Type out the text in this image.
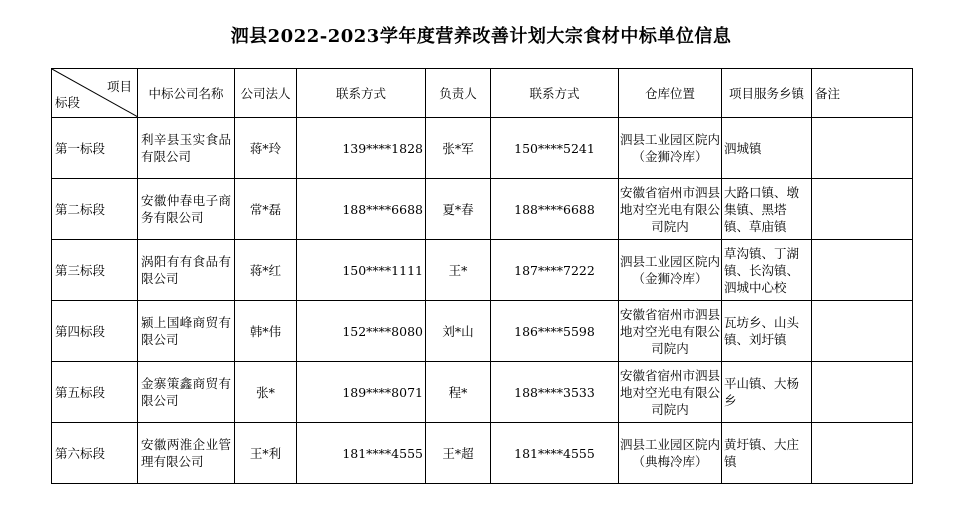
泗县2022-2023学年度营养改善计划大宗食材中标单位信息
项目
标段	中标公司名称	公司法人	联系方式	负责人	联系方式	仓库位置	项目服务乡镇	备注
第一标段	利辛县玉实食品有限公司	蒋*玲	139****1828	张*军	150****5241	泗县工业园区院内（金狮冷库）	泗城镇	
第二标段	安徽仲春电子商务有限公司	常*磊	188****6688	夏*春	188****6688	安徽省宿州市泗县地对空光电有限公司院内	大路口镇、墩集镇、黑塔镇、草庙镇	
第三标段	涡阳有有食品有限公司	蒋*红	150****1111	王*	187****7222	泗县工业园区院内（金狮冷库）	草沟镇、丁湖镇、长沟镇、泗城中心校	
第四标段	颍上国峰商贸有限公司	韩*伟	152****8080	刘*山	186****5598	安徽省宿州市泗县地对空光电有限公司院内	瓦坊乡、山头镇、刘圩镇	
第五标段	金寨策鑫商贸有限公司	张*	189****8071	程*	188****3533	安徽省宿州市泗县地对空光电有限公司院内	平山镇、大杨乡	
第六标段	安徽两淮企业管理有限公司	王*利	181****4555	王*超	181****4555	泗县工业园区院内（典梅冷库）	黄圩镇、大庄镇	
